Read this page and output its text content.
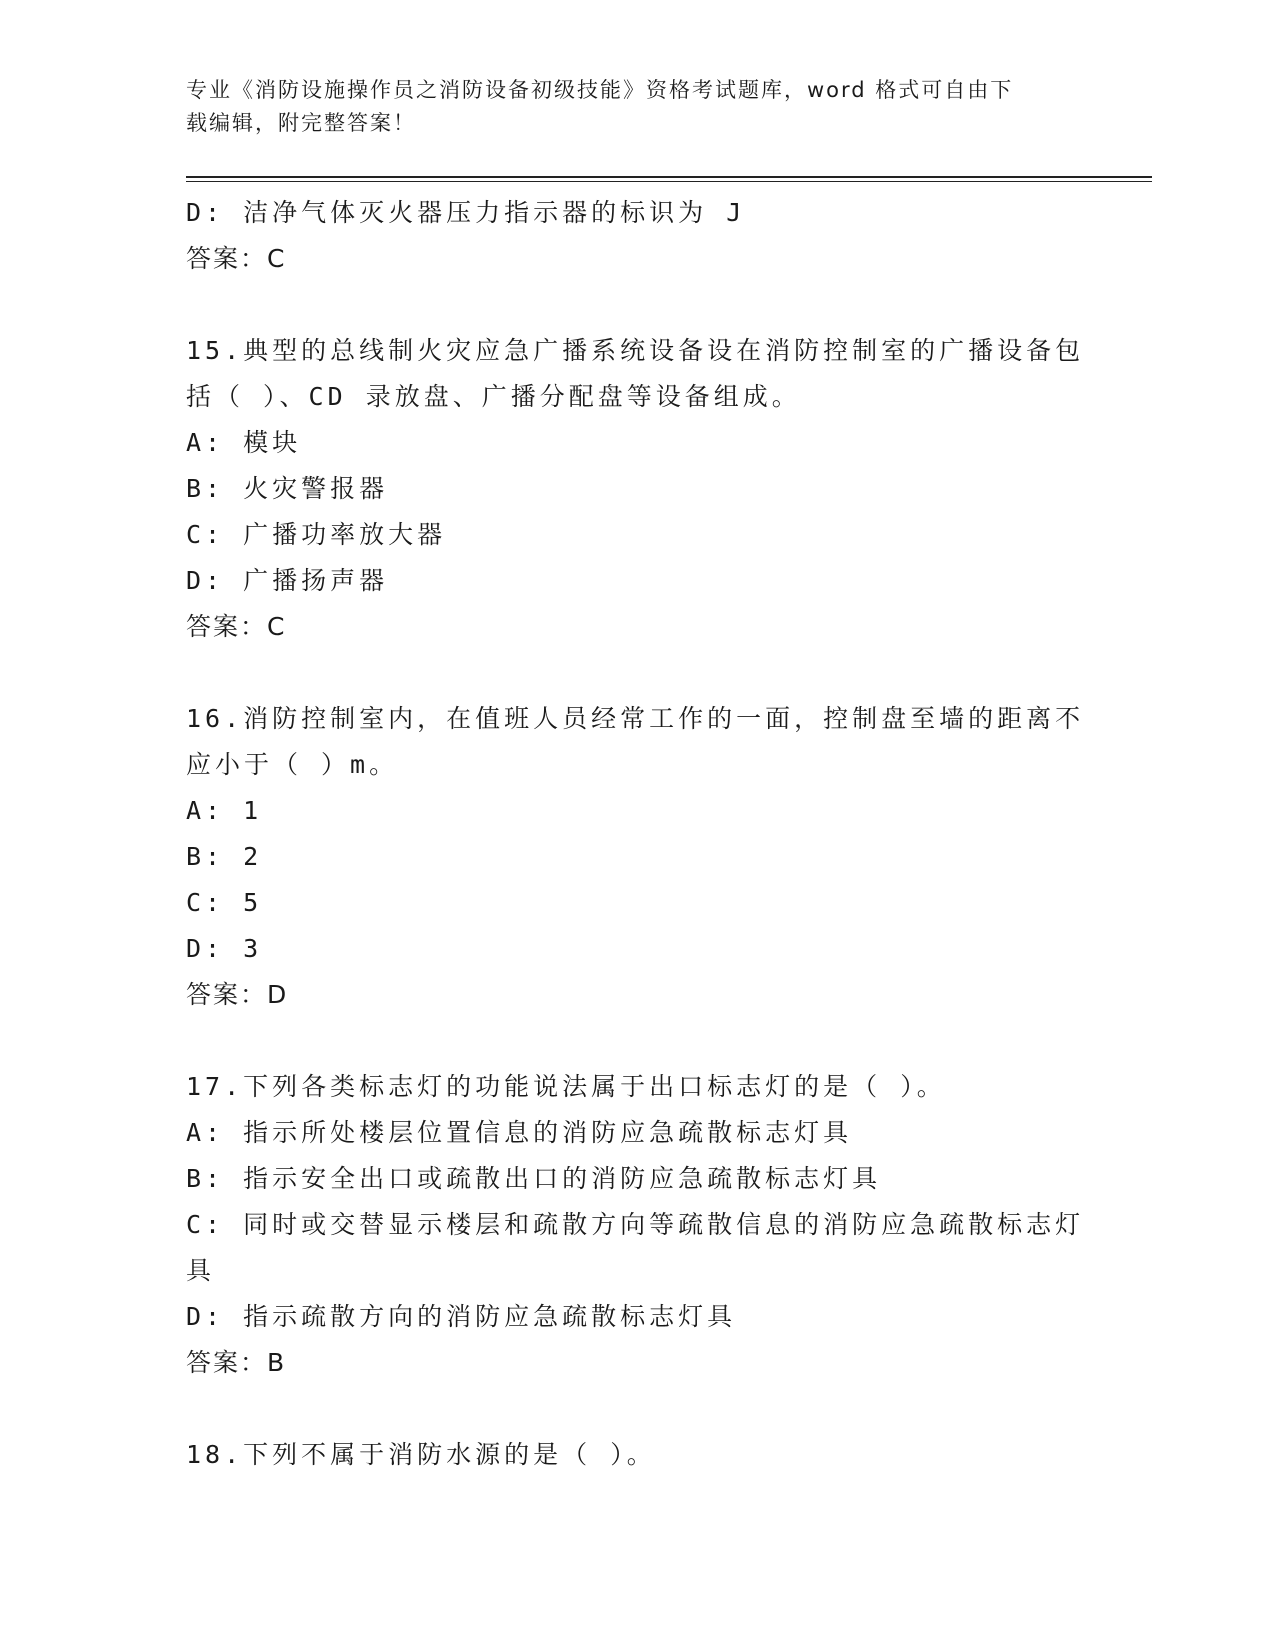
专业《消防设施操作员之消防设备初级技能》资格考试题库，word 格式可自由下
载编辑，附完整答案！
D: 洁净气体灭火器压力指示器的标识为 J
答案：C
15.典型的总线制火灾应急广播系统设备设在消防控制室的广播设备包
括（ ）、CD 录放盘、广播分配盘等设备组成。
A: 模块
B: 火灾警报器
C: 广播功率放大器
D: 广播扬声器
答案：C
16.消防控制室内，在值班人员经常工作的一面，控制盘至墙的距离不
应小于（ ）m。
A: 1
B: 2
C: 5
D: 3
答案：D
17.下列各类标志灯的功能说法属于出口标志灯的是（ ）。
A: 指示所处楼层位置信息的消防应急疏散标志灯具
B: 指示安全出口或疏散出口的消防应急疏散标志灯具
C: 同时或交替显示楼层和疏散方向等疏散信息的消防应急疏散标志灯
具
D: 指示疏散方向的消防应急疏散标志灯具
答案：B
18.下列不属于消防水源的是（ ）。
